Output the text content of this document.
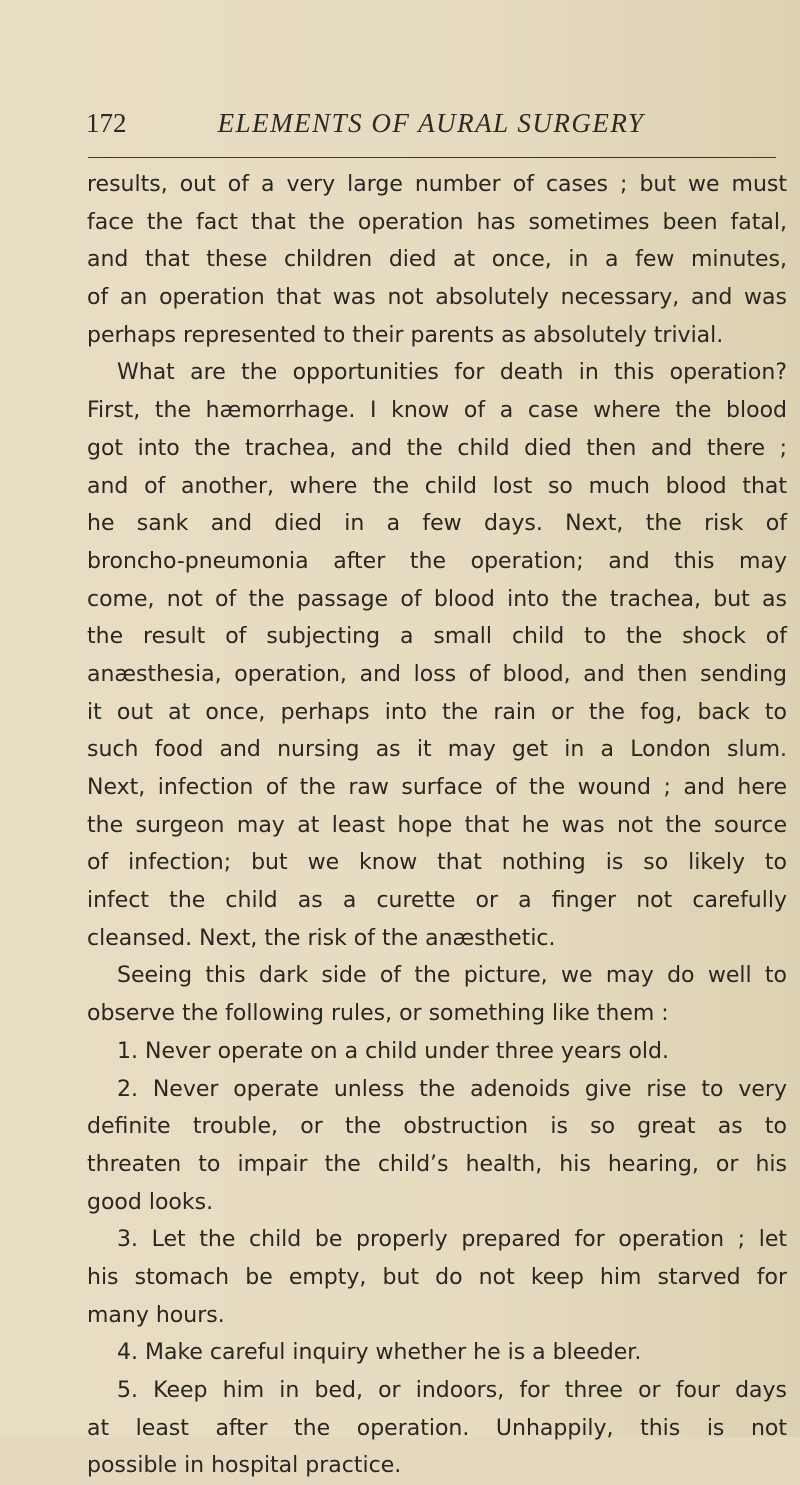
172	ELEMENTS OF AURAL SURGERY
results, out of a very large number of cases ; but we must
face the fact that the operation has sometimes been fatal,
and that these children died at once, in a few minutes,
of an operation that was not absolutely necessary, and was
perhaps represented to their parents as absolutely trivial.
What are the opportunities for death in this operation?
First, the hæmorrhage. I know of a case where the blood
got into the trachea, and the child died then and there ;
and of another, where the child lost so much blood that
he sank and died in a few days. Next, the risk of
broncho-pneumonia after the operation; and this may
come, not of the passage of blood into the trachea, but as
the result of subjecting a small child to the shock of
anæsthesia, operation, and loss of blood, and then sending
it out at once, perhaps into the rain or the fog, back to
such food and nursing as it may get in a London slum.
Next, infection of the raw surface of the wound ; and here
the surgeon may at least hope that he was not the source
of infection; but we know that nothing is so likely to
infect the child as a curette or a finger not carefully
cleansed. Next, the risk of the anæsthetic.
Seeing this dark side of the picture, we may do well to
observe the following rules, or something like them :
1. Never operate on a child under three years old.
2. Never operate unless the adenoids give rise to very
definite trouble, or the obstruction is so great as to
threaten to impair the child’s health, his hearing, or his
good looks.
3. Let the child be properly prepared for operation ; let
his stomach be empty, but do not keep him starved for
many hours.
4. Make careful inquiry whether he is a bleeder.
5. Keep him in bed, or indoors, for three or four days
at least after the operation. Unhappily, this is not
possible in hospital practice.
